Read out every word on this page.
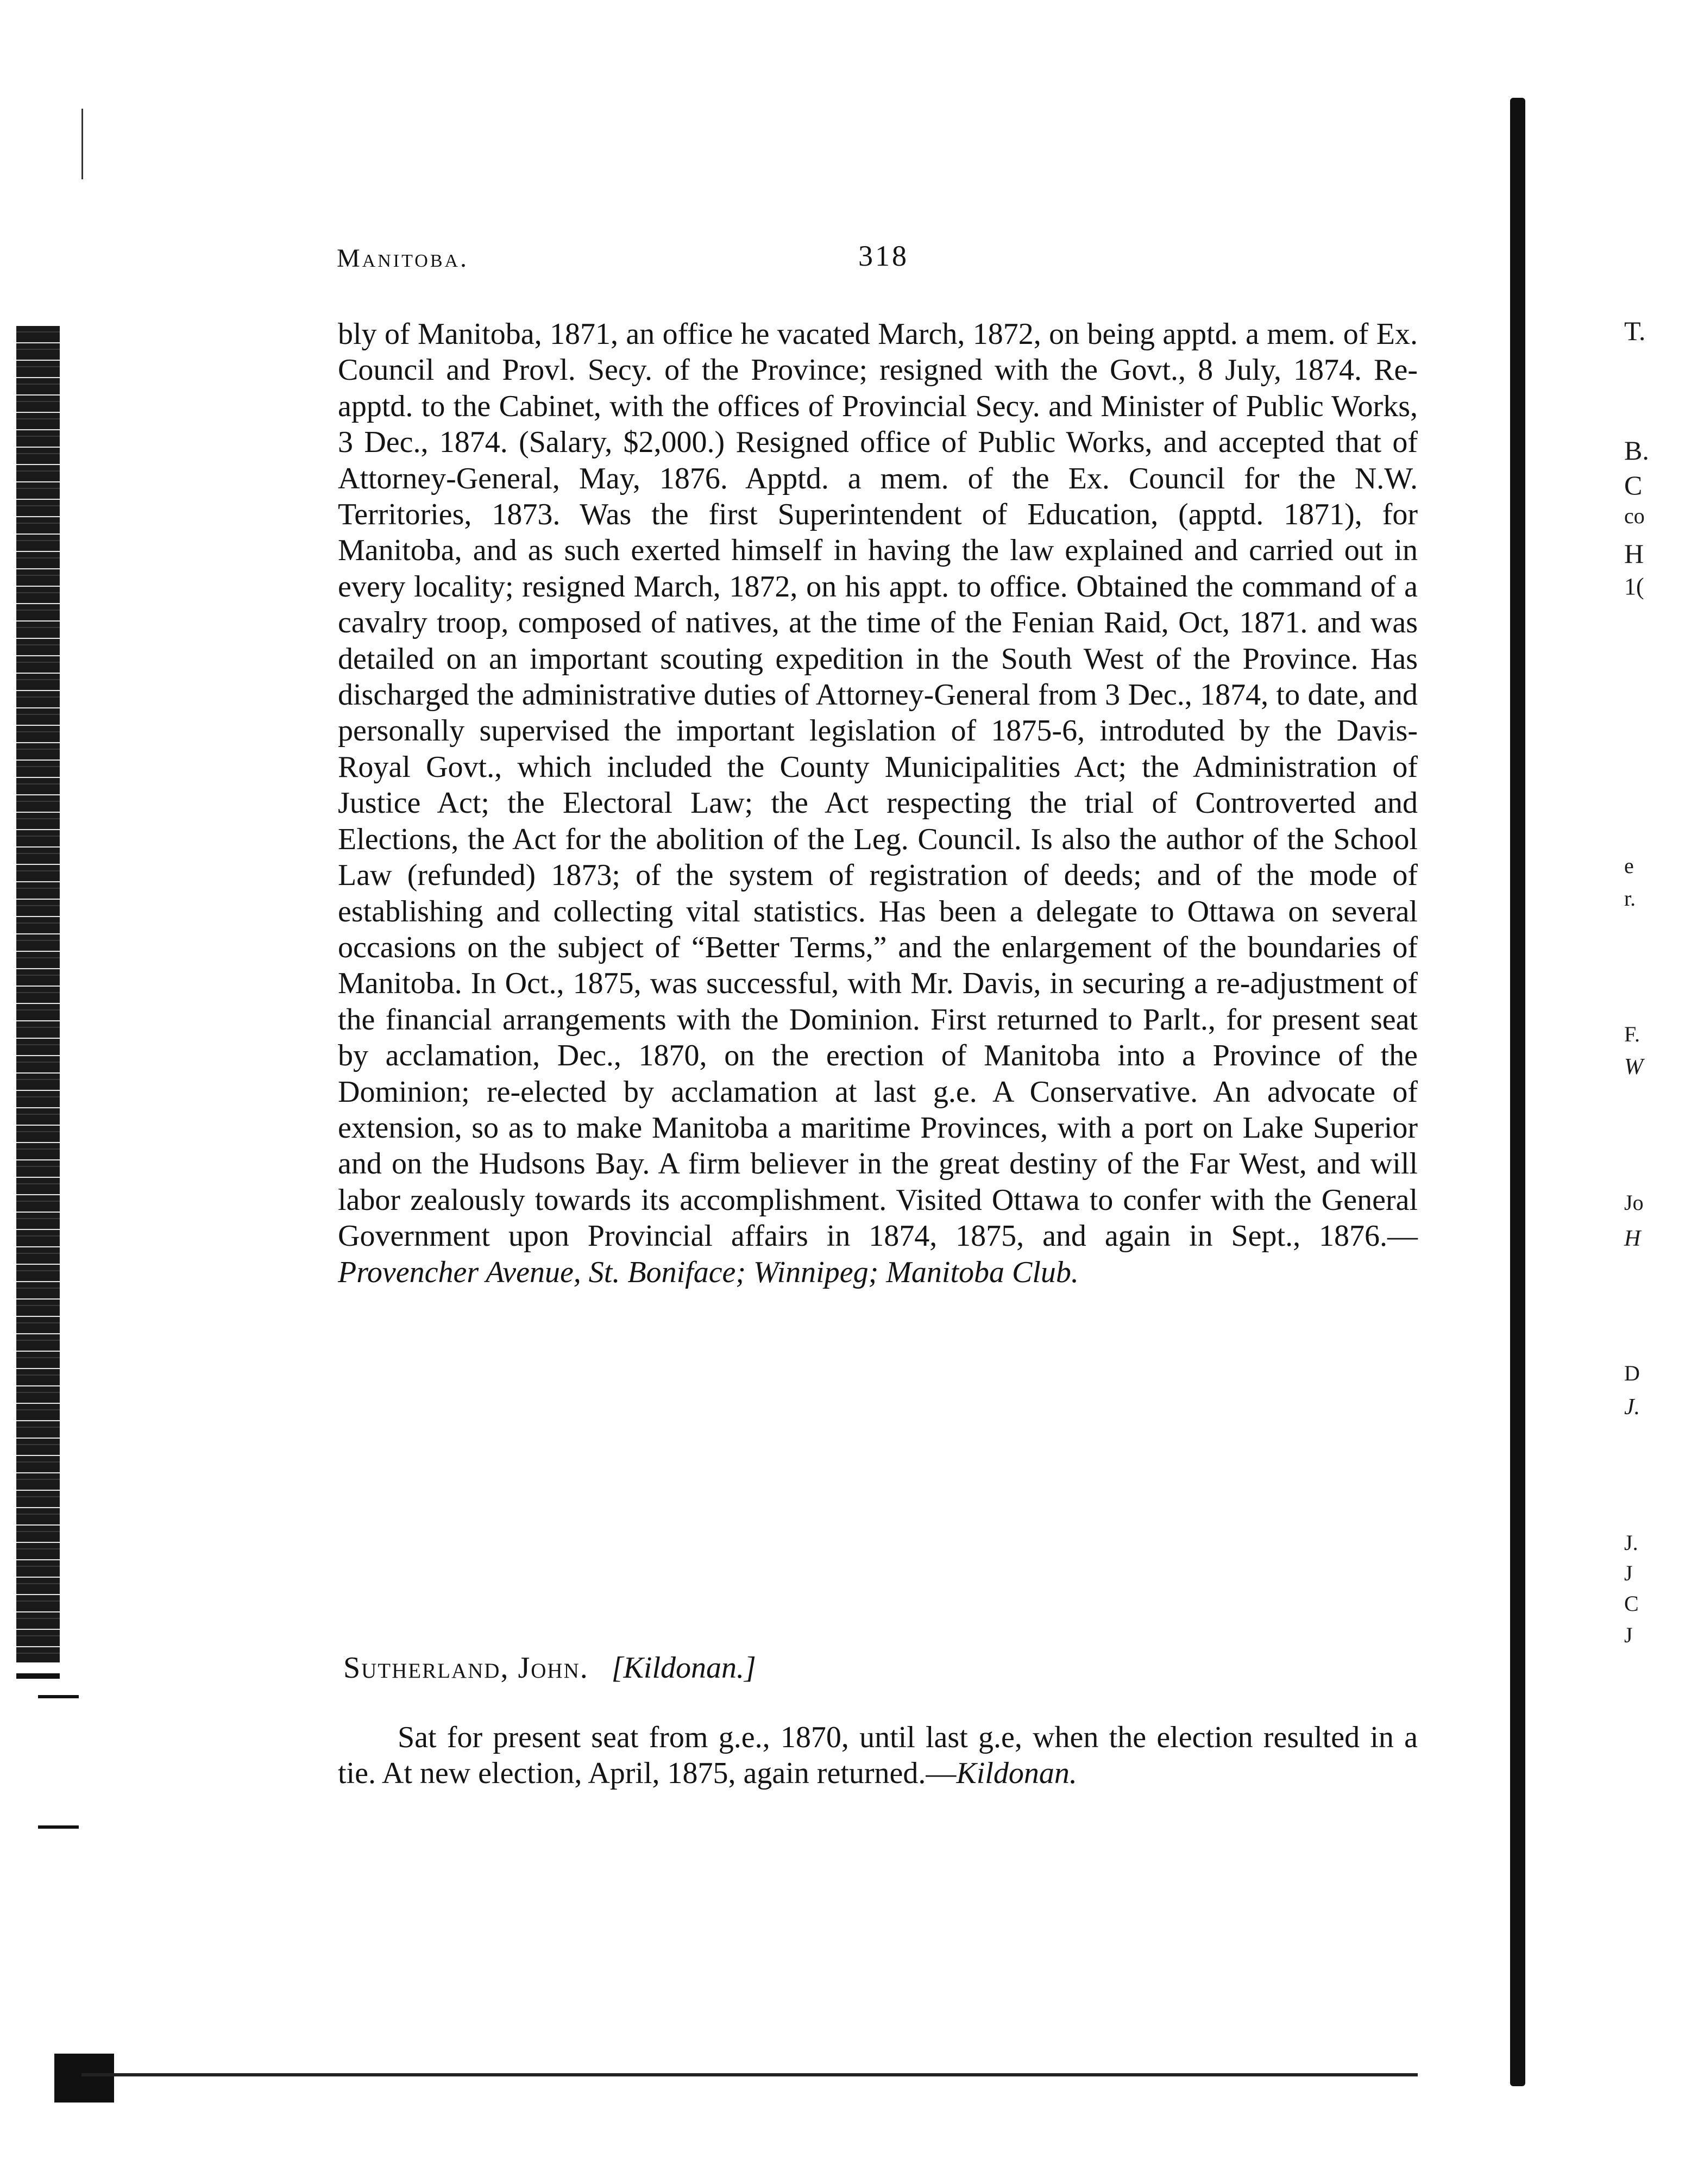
Manitoba.	318

bly of Manitoba, 1871, an office he vacated March, 1872, on being apptd. a mem. of Ex. Council and Provl. Secy. of the Province; resigned with the Govt., 8 July, 1874. Re-apptd. to the Cabinet, with the offices of Provincial Secy. and Minister of Public Works, 3 Dec., 1874. (Salary, $2,000.) Resigned office of Public Works, and accepted that of Attorney-General, May, 1876. Apptd. a mem. of the Ex. Council for the N.W. Territories, 1873. Was the first Superintendent of Education, (apptd. 1871), for Manitoba, and as such exerted himself in having the law explained and carried out in every locality; resigned March, 1872, on his appt. to office. Obtained the command of a cavalry troop, composed of natives, at the time of the Fenian Raid, Oct, 1871. and was detailed on an important scouting expedition in the South West of the Province. Has discharged the administrative duties of Attorney-General from 3 Dec., 1874, to date, and personally supervised the important legislation of 1875-6, introduted by the Davis-Royal Govt., which included the County Municipalities Act; the Administration of Justice Act; the Electoral Law; the Act respecting the trial of Controverted and Elections, the Act for the abolition of the Leg. Council. Is also the author of the School Law (refunded) 1873; of the system of registration of deeds; and of the mode of establishing and collecting vital statistics. Has been a delegate to Ottawa on several occasions on the subject of “Better Terms,” and the enlargement of the boundaries of Manitoba. In Oct., 1875, was successful, with Mr. Davis, in securing a re-adjustment of the financial arrangements with the Dominion. First returned to Parlt., for present seat by acclamation, Dec., 1870, on the erection of Manitoba into a Province of the Dominion; re-elected by acclamation at last g.e. A Conservative. An advocate of extension, so as to make Manitoba a maritime Provinces, with a port on Lake Superior and on the Hudsons Bay. A firm believer in the great destiny of the Far West, and will labor zealously towards its accomplishment. Visited Ottawa to confer with the General Government upon Provincial affairs in 1874, 1875, and again in Sept., 1876.—Provencher Avenue, St. Boniface; Winnipeg; Manitoba Club.

Sutherland, John. [Kildonan.]
Sat for present seat from g.e., 1870, until last g.e, when the election resulted in a tie. At new election, April, 1875, again returned.—Kildonan.
T.
B.
C
co
H
1(
e
r.
F.
W
Jo
H
D
J.
J.
J
C
J
